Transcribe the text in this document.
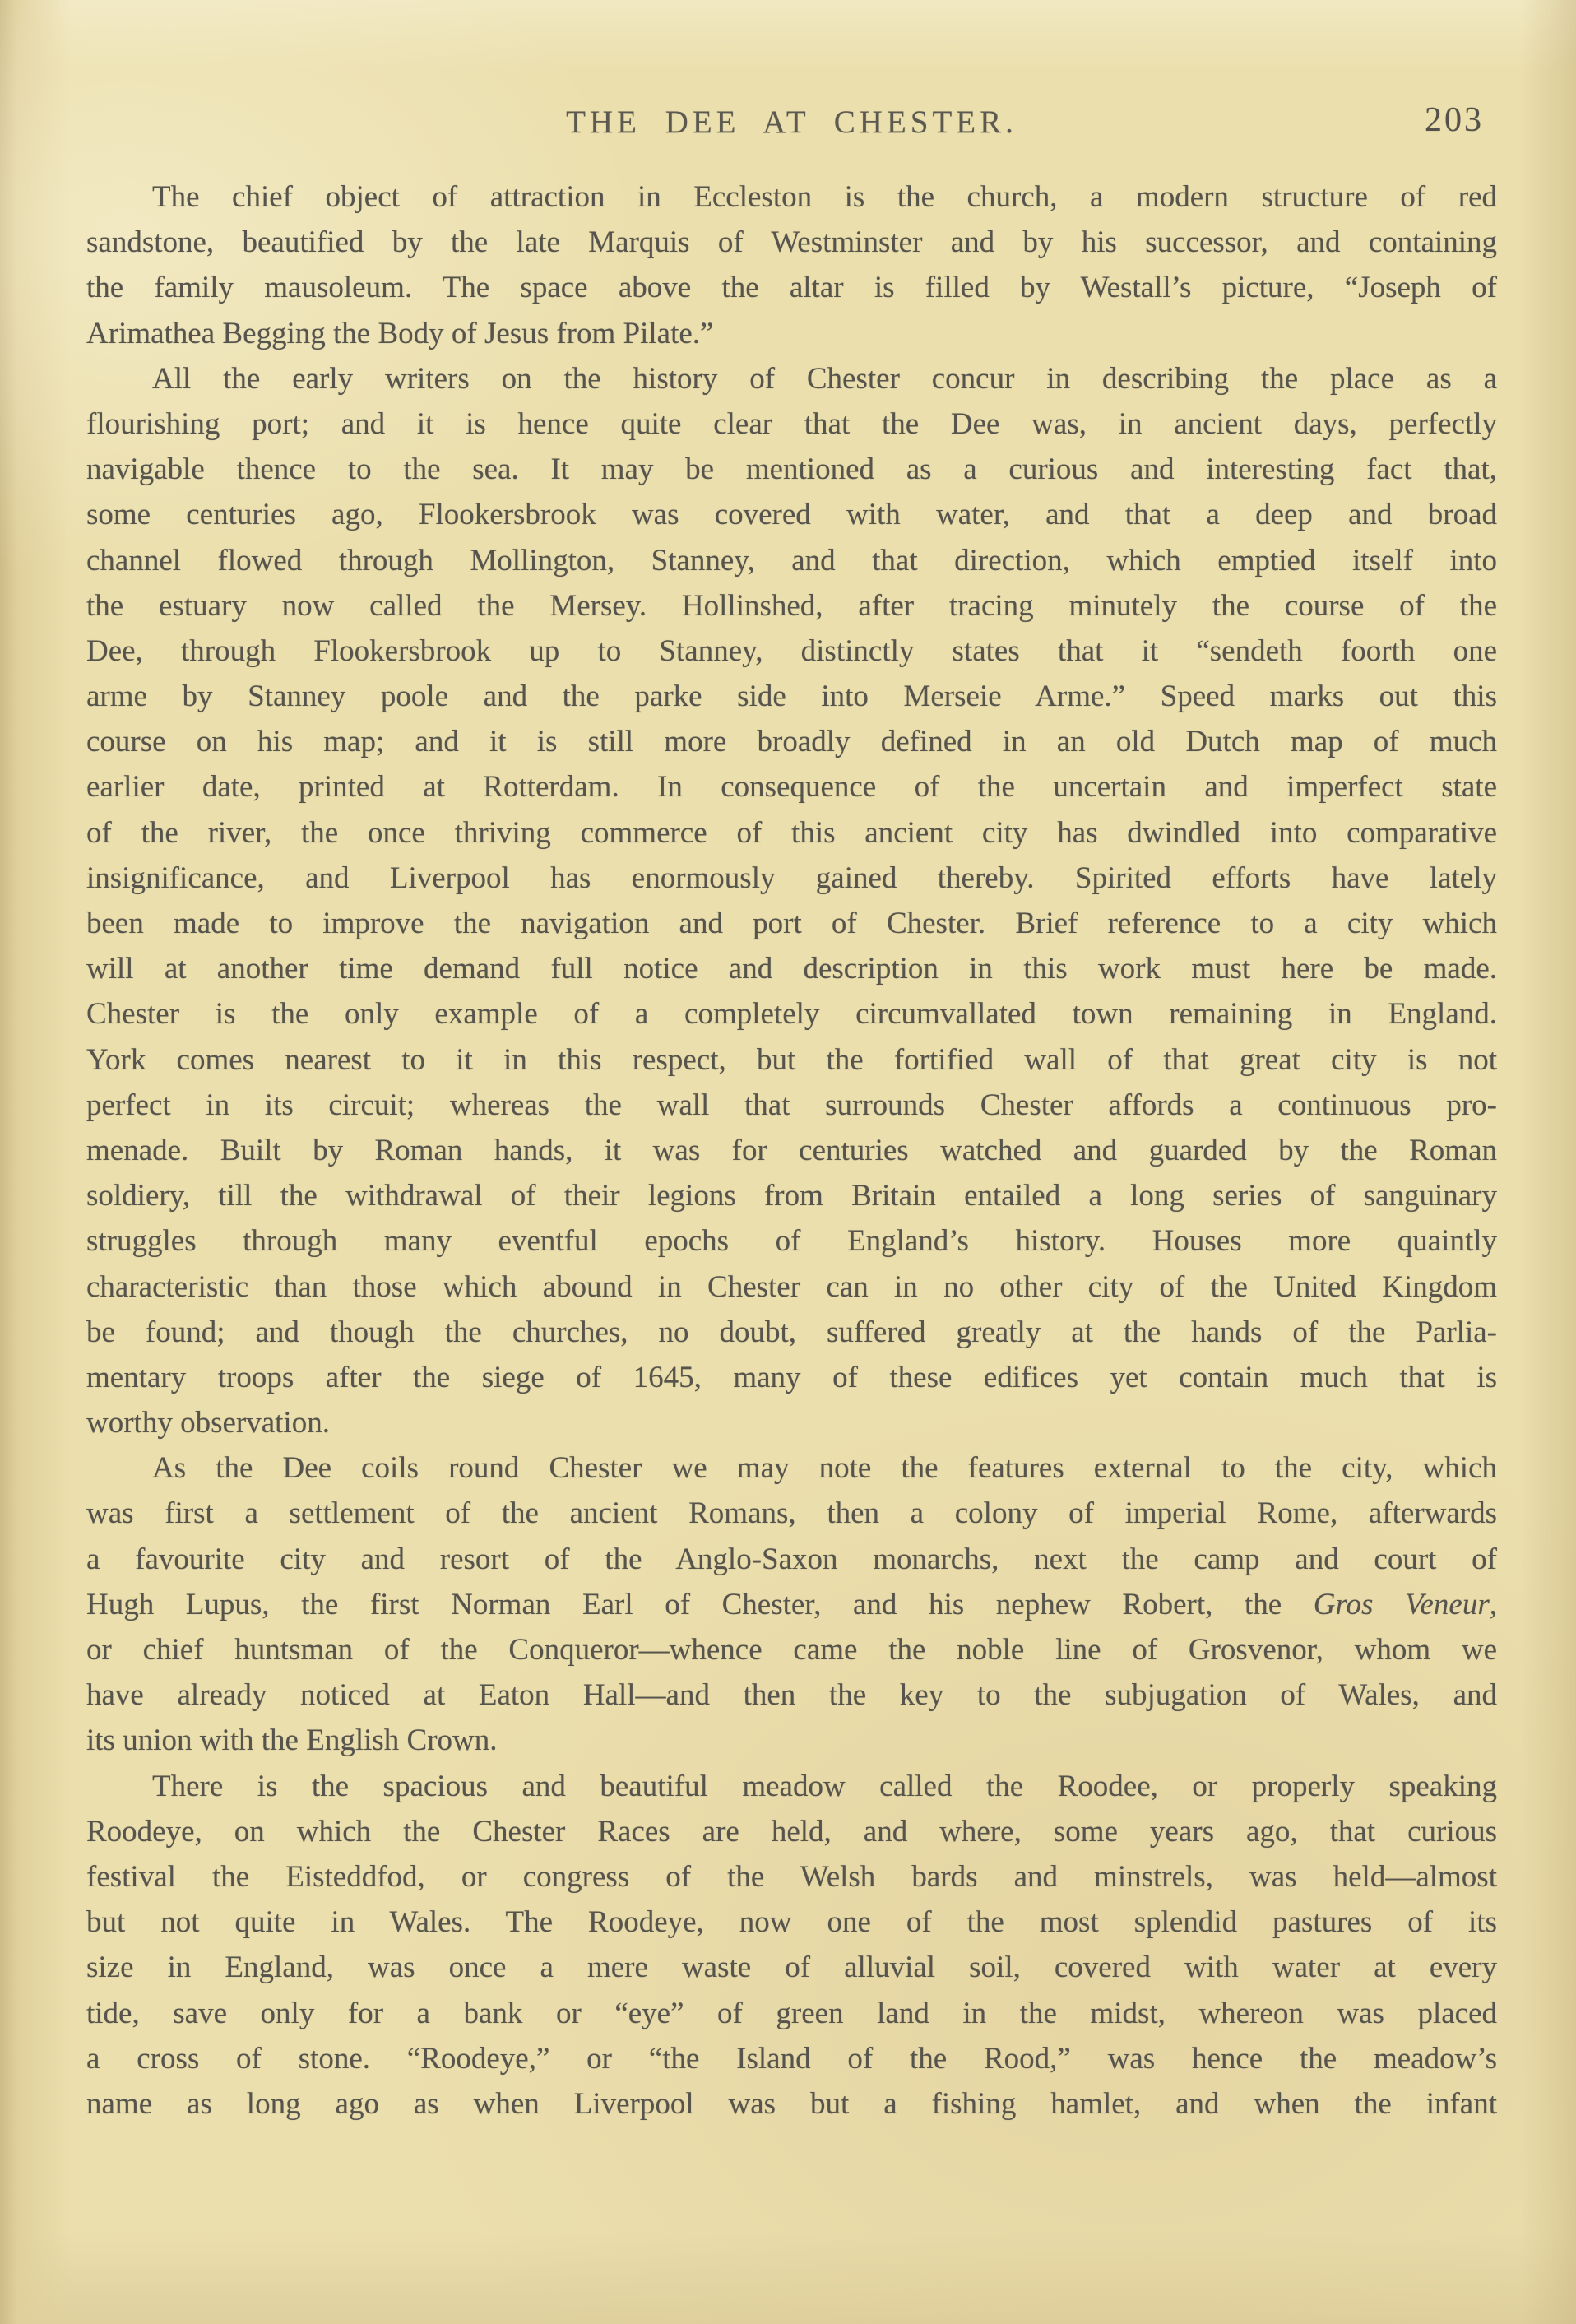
THE DEE AT CHESTER.	203
The chief object of attraction in Eccleston is the church, a modern structure of red
sandstone, beautified by the late Marquis of Westminster and by his successor, and containing
the family mausoleum. The space above the altar is filled by Westall’s picture, “Joseph of
Arimathea Begging the Body of Jesus from Pilate.”
All the early writers on the history of Chester concur in describing the place as a
flourishing port; and it is hence quite clear that the Dee was, in ancient days, perfectly
navigable thence to the sea. It may be mentioned as a curious and interesting fact that,
some centuries ago, Flookersbrook was covered with water, and that a deep and broad
channel flowed through Mollington, Stanney, and that direction, which emptied itself into
the estuary now called the Mersey. Hollinshed, after tracing minutely the course of the
Dee, through Flookersbrook up to Stanney, distinctly states that it “sendeth foorth one
arme by Stanney poole and the parke side into Merseie Arme.” Speed marks out this
course on his map; and it is still more broadly defined in an old Dutch map of much
earlier date, printed at Rotterdam. In consequence of the uncertain and imperfect state
of the river, the once thriving commerce of this ancient city has dwindled into comparative
insignificance, and Liverpool has enormously gained thereby. Spirited efforts have lately
been made to improve the navigation and port of Chester. Brief reference to a city which
will at another time demand full notice and description in this work must here be made.
Chester is the only example of a completely circumvallated town remaining in England.
York comes nearest to it in this respect, but the fortified wall of that great city is not
perfect in its circuit; whereas the wall that surrounds Chester affords a continuous pro-
menade. Built by Roman hands, it was for centuries watched and guarded by the Roman
soldiery, till the withdrawal of their legions from Britain entailed a long series of sanguinary
struggles through many eventful epochs of England’s history. Houses more quaintly
characteristic than those which abound in Chester can in no other city of the United Kingdom
be found; and though the churches, no doubt, suffered greatly at the hands of the Parlia-
mentary troops after the siege of 1645, many of these edifices yet contain much that is
worthy observation.
As the Dee coils round Chester we may note the features external to the city, which
was first a settlement of the ancient Romans, then a colony of imperial Rome, afterwards
a favourite city and resort of the Anglo-Saxon monarchs, next the camp and court of
Hugh Lupus, the first Norman Earl of Chester, and his nephew Robert, the Gros Veneur,
or chief huntsman of the Conqueror—whence came the noble line of Grosvenor, whom we
have already noticed at Eaton Hall—and then the key to the subjugation of Wales, and
its union with the English Crown.
There is the spacious and beautiful meadow called the Roodee, or properly speaking
Roodeye, on which the Chester Races are held, and where, some years ago, that curious
festival the Eisteddfod, or congress of the Welsh bards and minstrels, was held—almost
but not quite in Wales. The Roodeye, now one of the most splendid pastures of its
size in England, was once a mere waste of alluvial soil, covered with water at every
tide, save only for a bank or “eye” of green land in the midst, whereon was placed
a cross of stone. “Roodeye,” or “the Island of the Rood,” was hence the meadow’s
name as long ago as when Liverpool was but a fishing hamlet, and when the infant
